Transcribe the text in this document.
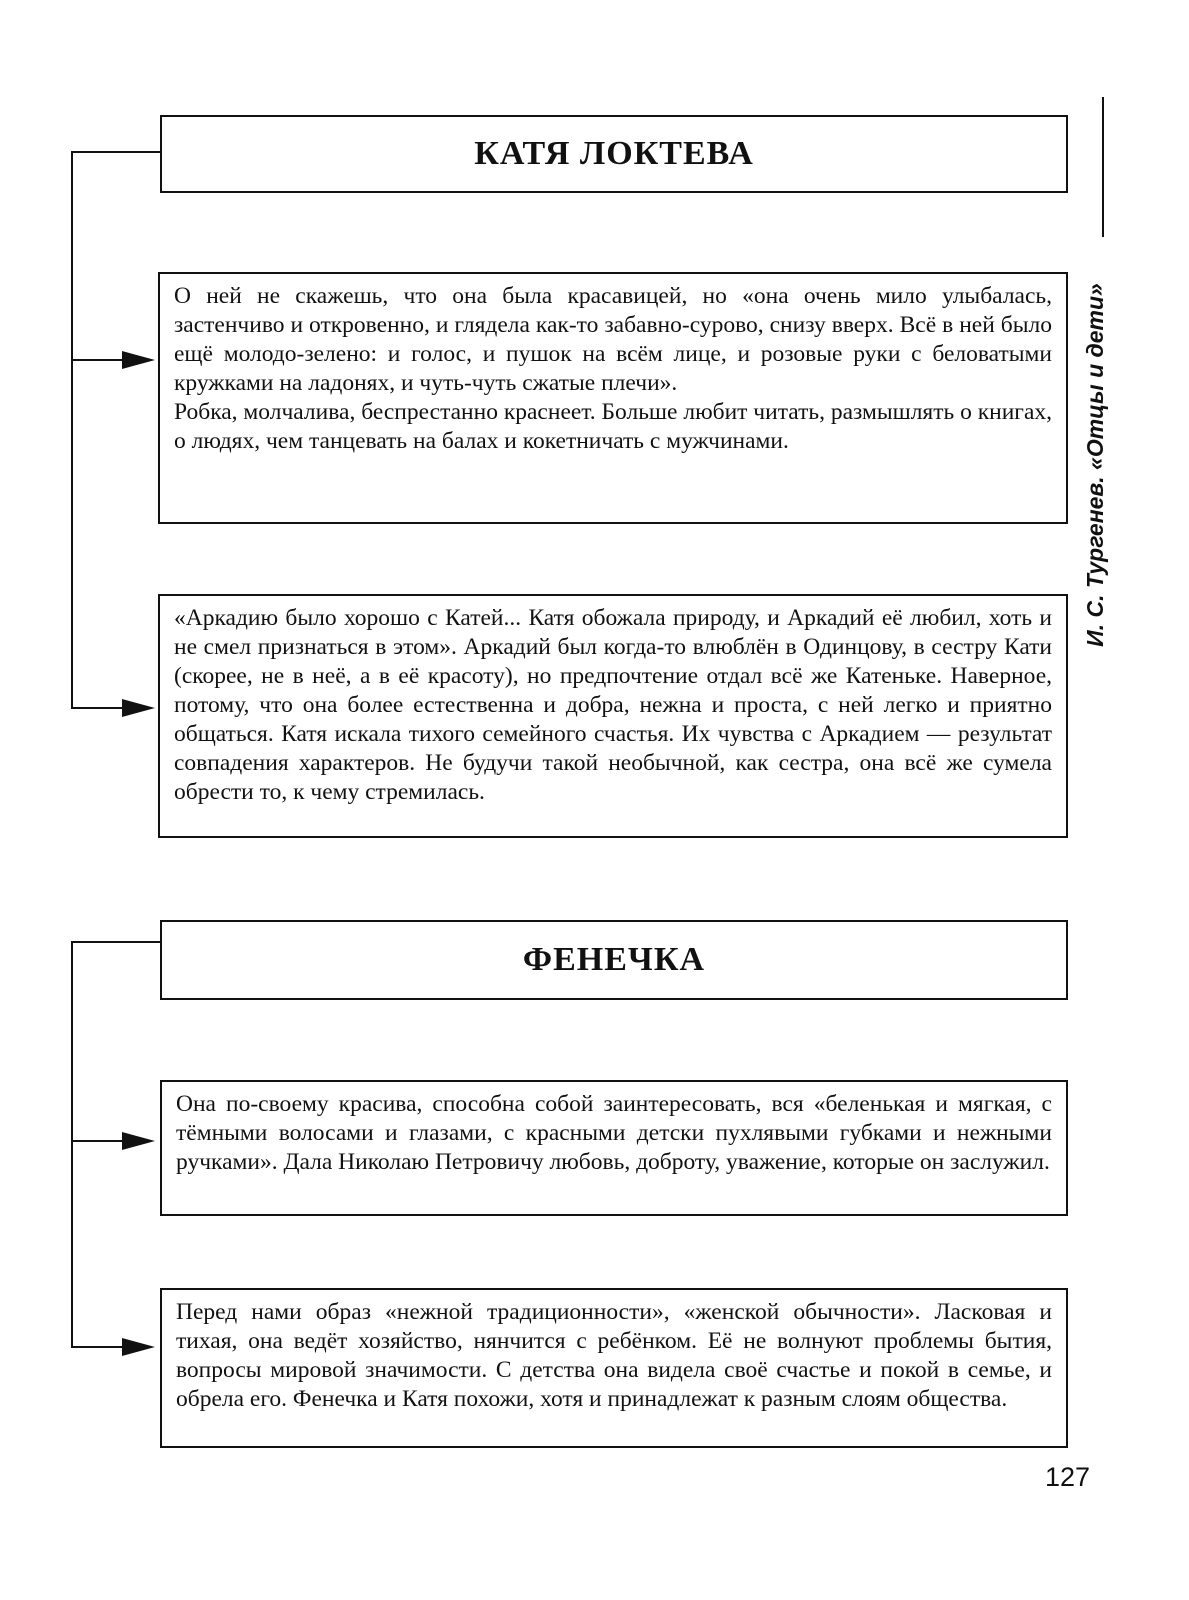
КАТЯ ЛОКТЕВА

О ней не скажешь, что она была красавицей, но «она очень мило улыбалась, застенчиво и откровенно, и глядела как-то забавно-сурово, снизу вверх. Всё в ней было ещё молодо-зелено: и голос, и пушок на всём лице, и розовые руки с беловатыми кружками на ладонях, и чуть-чуть сжатые плечи».

Робка, молчалива, беспрестанно краснеет. Больше любит читать, размышлять о книгах, о людях, чем танцевать на балах и кокетничать с мужчинами.

«Аркадию было хорошо с Катей... Катя обожала природу, и Аркадий её любил, хоть и не смел признаться в этом». Аркадий был когда-то влюблён в Одинцову, в сестру Кати (скорее, не в неё, а в её красоту), но предпочтение отдал всё же Катеньке. Наверное, потому, что она более естественна и добра, нежна и проста, с ней легко и приятно общаться. Катя искала тихого семейного счастья. Их чувства с Аркадием — результат совпадения характеров. Не будучи такой необычной, как сестра, она всё же сумела обрести то, к чему стремилась.

ФЕНЕЧКА

Она по-своему красива, способна собой заинтересовать, вся «беленькая и мягкая, с тёмными волосами и глазами, с красными детски пухлявыми губками и нежными ручками». Дала Николаю Петровичу любовь, доброту, уважение, которые он заслужил.

Перед нами образ «нежной традиционности», «женской обычности». Ласковая и тихая, она ведёт хозяйство, нянчится с ребёнком. Её не волнуют проблемы бытия, вопросы мировой значимости. С детства она видела своё счастье и покой в семье, и обрела его. Фенечка и Катя похожи, хотя и принадлежат к разным слоям общества.

И. С. Тургенев. «Отцы и дети»
127
